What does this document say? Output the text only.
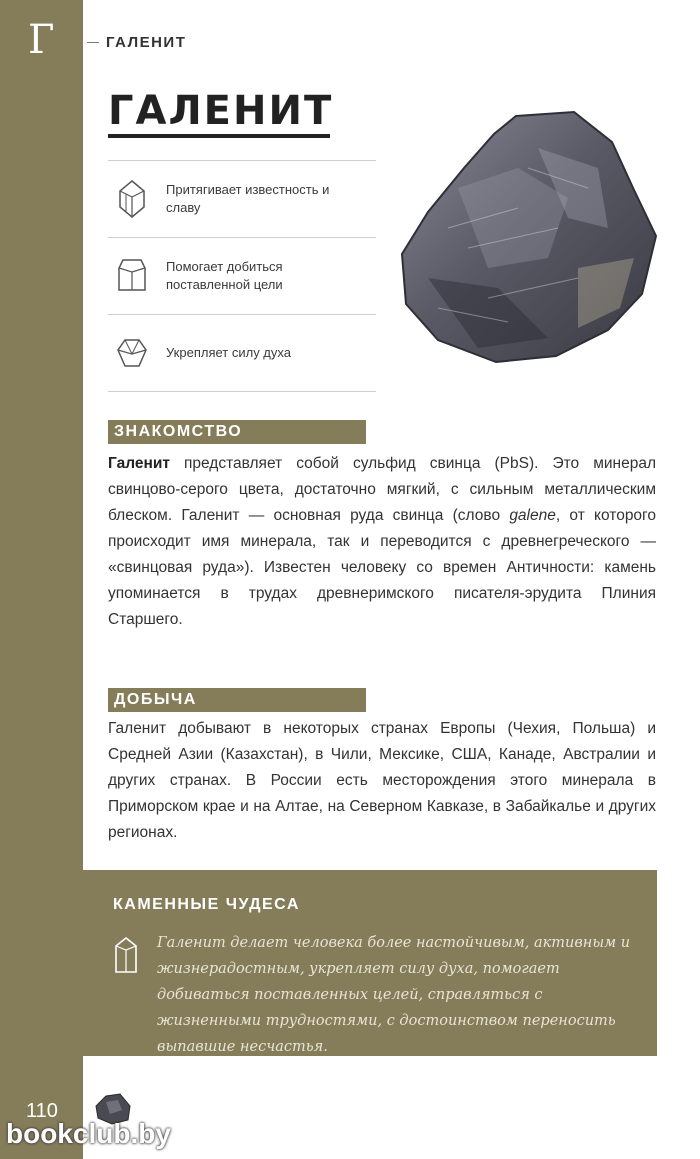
Г	ГАЛЕНИТ
ГАЛЕНИТ
Притягивает известность и славу
Помогает добиться поставленной цели
Укрепляет силу духа
ЗНАКОМСТВО
Галенит представляет собой сульфид свинца (PbS). Это минерал свинцово-серого цвета, достаточно мягкий, с сильным металлическим блеском. Галенит — основная руда свинца (слово galene, от которого происходит имя минерала, так и переводится с древнегреческого — «свинцовая руда»). Известен человеку со времен Античности: камень упоминается в трудах древнеримского писателя-эрудита Плиния Старшего.
ДОБЫЧА
Галенит добывают в некоторых странах Европы (Чехия, Польша) и Средней Азии (Казахстан), в Чили, Мексике, США, Канаде, Австралии и других странах. В России есть месторождения этого минерала в Приморском крае и на Алтае, на Северном Кавказе, в Забайкалье и других регионах.
КАМЕННЫЕ ЧУДЕСА
Галенит делает человека более настойчивым, активным и жизнерадостным, укрепляет силу духа, помогает добиваться поставленных целей, справляться с жизненными трудностями, с достоинством переносить выпавшие несчастья.
110
bookclub.by
